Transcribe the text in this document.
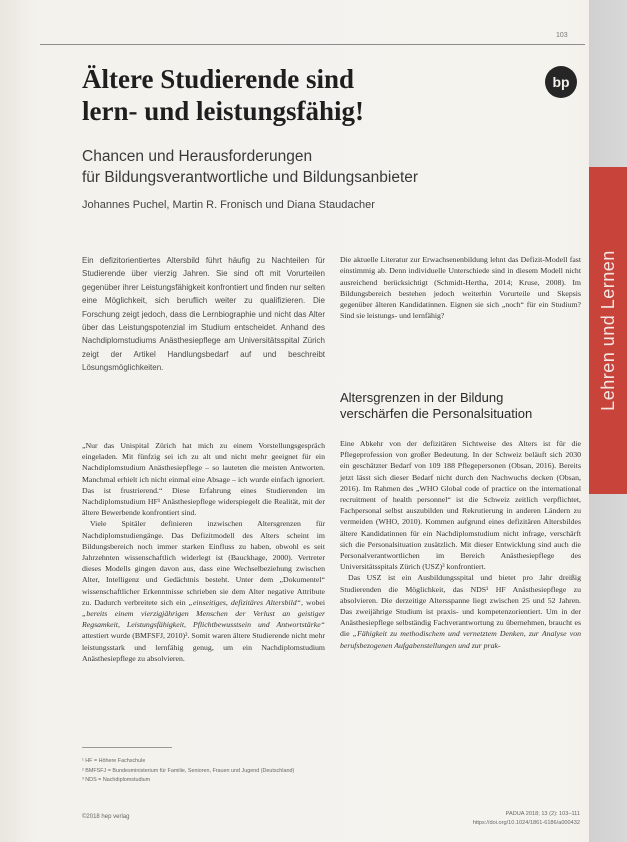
103
Ältere Studierende sind
lern- und leistungsfähig!
bp
Chancen und Herausforderungen
für Bildungsverantwortliche und Bildungsanbieter
Johannes Puchel, Martin R. Fronisch und Diana Staudacher

Ein defizitorientiertes Altersbild führt häufig zu Nachteilen für Studierende über vierzig Jahren. Sie sind oft mit Vorurteilen gegenüber ihrer Leistungsfähigkeit konfrontiert und finden nur selten eine Möglichkeit, sich beruflich weiter zu qualifizieren. Die Forschung zeigt jedoch, dass die Lernbiographie und nicht das Alter über das Leistungspotenzial im Studium entscheidet. Anhand des Nachdiplomstudiums Anästhesiepflege am Universitätsspital Zürich zeigt der Artikel Handlungsbedarf auf und beschreibt Lösungsmöglichkeiten.

„Nur das Unispital Zürich hat mich zu einem Vorstellungsgespräch eingeladen. Mit fünfzig sei ich zu alt und nicht mehr geeignet für ein Nachdiplomstudium Anästhesiepflege – so lauteten die meisten Antworten. Manchmal erhielt ich nicht einmal eine Absage – ich wurde einfach ignoriert. Das ist frustrierend.“ Diese Erfahrung eines Studierenden im Nachdiplomstudium HF¹ Anästhesiepflege widerspiegelt die Realität, mit der ältere Bewerbende konfrontiert sind.

Viele Spitäler definieren inzwischen Altersgrenzen für Nachdiplomstudiengänge. Das Defizitmodell des Alters scheint im Bildungsbereich noch immer starken Einfluss zu haben, obwohl es seit Jahrzehnten wissenschaftlich widerlegt ist (Bauckhage, 2000). Vertreter dieses Modells gingen davon aus, dass eine Wechselbeziehung zwischen Alter, Intelligenz und Gedächtnis besteht. Unter dem „Dokumentel“ wissenschaftlicher Erkenntnisse schrieben sie dem Alter negative Attribute zu. Dadurch verbreitete sich ein „einseitiges, defizitäres Altersbild“, wobei „bereits einem vierzigjährigen Menschen der Verlust an geistiger Regsamkeit, Leistungsfähigkeit, Pflichtbewusstsein und Antwortstärke“ attestiert wurde (BMFSFJ, 2010)². Somit waren ältere Studierende nicht mehr leistungsstark und lernfähig genug, um ein Nachdiplomstudium Anästhesiepflege zu absolvieren.

Die aktuelle Literatur zur Erwachsenenbildung lehnt das Defizit-Modell fast einstimmig ab. Denn individuelle Unterschiede sind in diesem Modell nicht ausreichend berücksichtigt (Schmidt-Hertha, 2014; Kruse, 2008). Im Bildungsbereich bestehen jedoch weiterhin Vorurteile und Skepsis gegenüber älteren Kandidatinnen. Eignen sie sich „noch“ für ein Studium? Sind sie leistungs- und lernfähig?

Altersgrenzen in der Bildung
verschärfen die Personalsituation

Eine Abkehr von der defizitären Sichtweise des Alters ist für die Pflegeprofession von großer Bedeutung. In der Schweiz beläuft sich 2030 ein geschätzter Bedarf von 109 188 Pflegepersonen (Obsan, 2016). Bereits jetzt lässt sich dieser Bedarf nicht durch den Nachwuchs decken (Obsan, 2016). Im Rahmen des „WHO Global code of practice on the international recruitment of health personnel“ ist die Schweiz zeitlich verpflichtet, Fachpersonal selbst auszubilden und Rekrutierung in anderen Ländern zu vermeiden (WHO, 2010). Kommen aufgrund eines defizitären Altersbildes ältere Kandidatinnen für ein Nachdiplomstudium nicht infrage, verschärft sich die Personalsituation zusätzlich. Mit dieser Entwicklung sind auch die Personalverantwortlichen im Bereich Anästhesiepflege des Universitätsspitals Zürich (USZ)³ konfrontiert.

Das USZ ist ein Ausbildungsspital und bietet pro Jahr dreißig Studierenden die Möglichkeit, das NDS¹ HF Anästhesiepflege zu absolvieren. Die derzeitige Altersspanne liegt zwischen 25 und 52 Jahren. Das zweijährige Studium ist praxis- und kompetenzorientiert. Um in der Anästhesiepflege selbständig Fachverantwortung zu übernehmen, braucht es die „Fähigkeit zu methodischem und vernetztem Denken, zur Analyse von berufsbezogenen Aufgabenstellungen und zur prak-

¹ HF = Höhere Fachschule
² BMFSFJ = Bundesministerium für Familie, Senioren, Frauen und Jugend (Deutschland)
³ NDS = Nachdiplomstudium
©2018 hep verlag	PADUA 2018; 13 (2): 103–111
https://doi.org/10.1024/1861-6186/a000432
Lehren und Lernen
